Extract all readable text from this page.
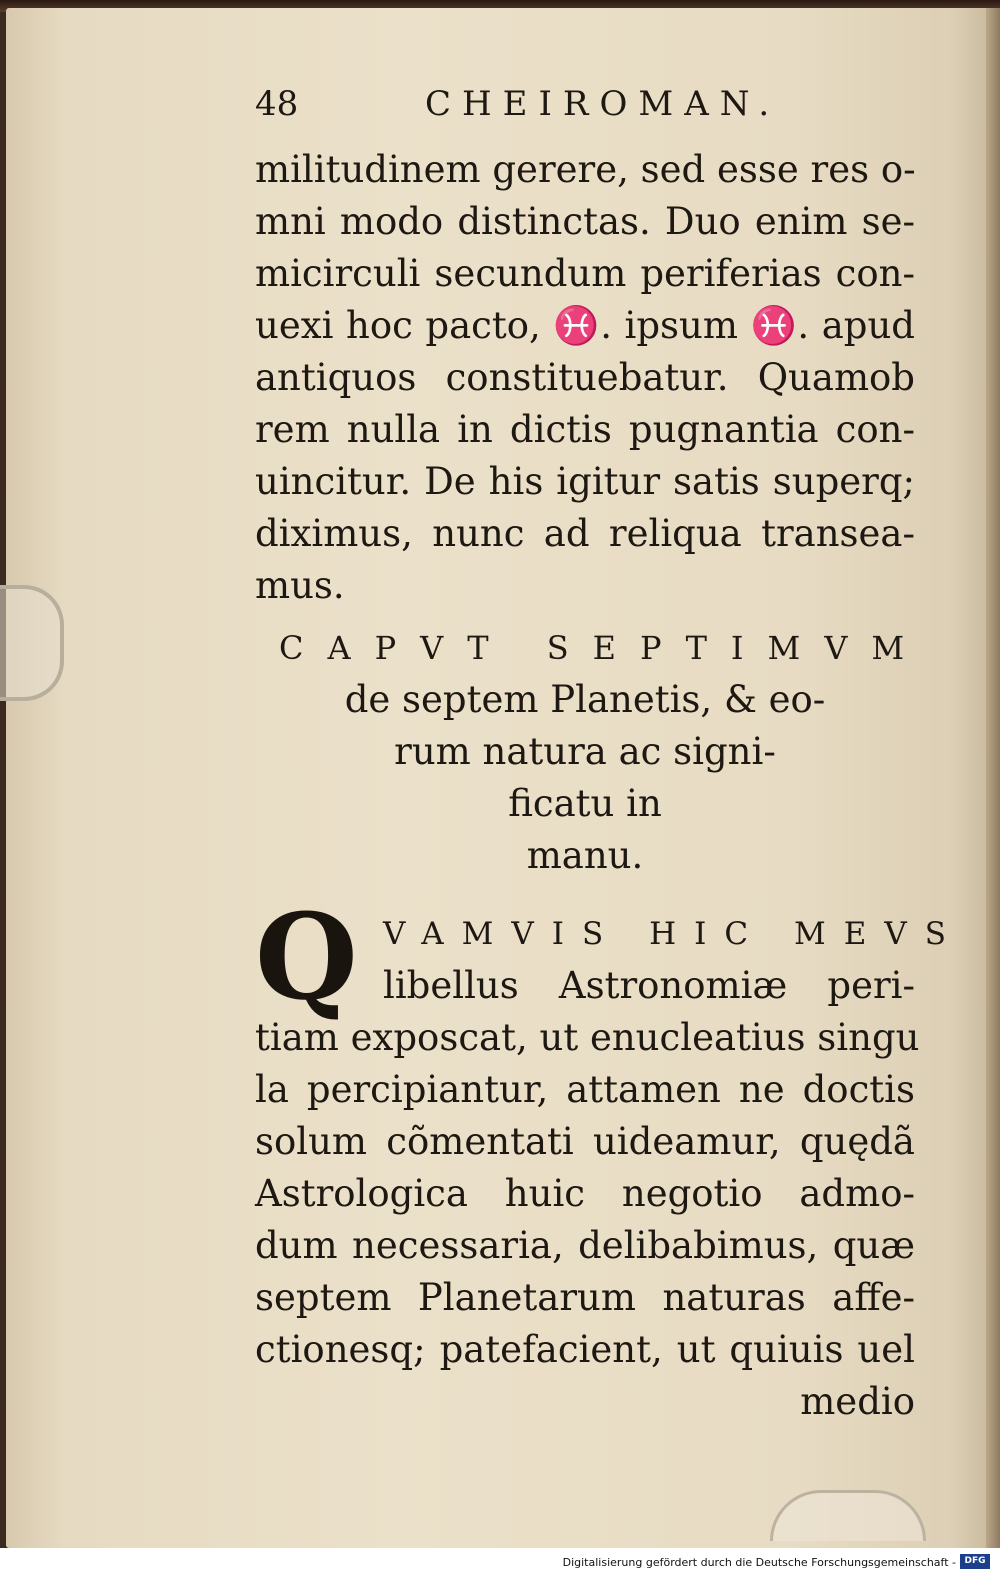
48	CHEIROMAN.
militudinem gerere, sed esse res o-
mni modo distinctas. Duo enim se-
micirculi secundum periferias con-
uexi hoc pacto, ♓. ipsum ♓. apud
antiquos constituebatur. Quamob
rem nulla in dictis pugnantia con-
uincitur. De his igitur satis superq;
diximus, nunc ad reliqua transea-
mus.
CAPVT SEPTIMVM
de septem Planetis, & eo-
rum natura ac signi-
ficatu in
manu.
Q VAMVIS HIC MEVS
libellus Astronomiæ peri-
tiam exposcat, ut enucleatius singu
la percipiantur, attamen ne doctis
solum cõmentati uideamur, quędã
Astrologica huic negotio admo-
dum necessaria, delibabimus, quæ
septem Planetarum naturas affe-
ctionesq; patefacient, ut quiuis uel
medio
Digitalisierung gefördert durch die Deutsche Forschungsgemeinschaft - DFG
